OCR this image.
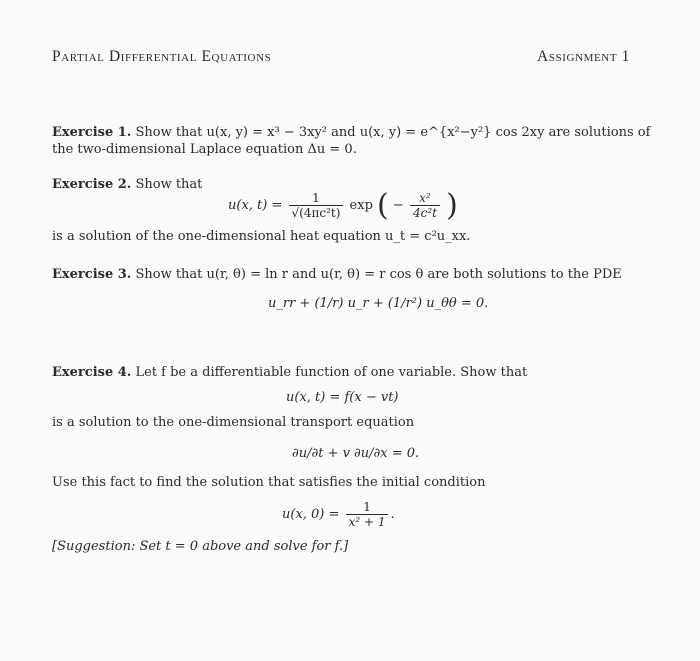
Partial Differential Equations	Assignment 1
Exercise 1. Show that u(x, y) = x³ − 3xy² and u(x, y) = e^{x²−y²} cos 2xy are solutions of the two-dimensional Laplace equation Δu = 0.
Exercise 2. Show that
u(x, $t) = \frac{1}{\text{√(4πc²t)}}$ exp ( − $\frac{\text{x²}}{\text{4c²t}}$ )
is a solution of the one-dimensional heat equation u_t = c²u_xx.
Exercise 3. Show that u(r, θ) = ln r and u(r, θ) = r cos θ are both solutions to the PDE
u_rr + (1/r) u_r + (1/r²) u_θθ = 0.
Exercise 4. Let f be a differentiable function of one variable. Show that
u(x, t) = f(x − vt)
is a solution to the one-dimensional transport equation
∂u/∂t + v ∂u/∂x = 0.
Use this fact to find the solution that satisfies the initial condition
u(x, $0) = \frac{1}{\text{x² + 1}}$ .
[Suggestion: Set t = 0 above and solve for f.]
